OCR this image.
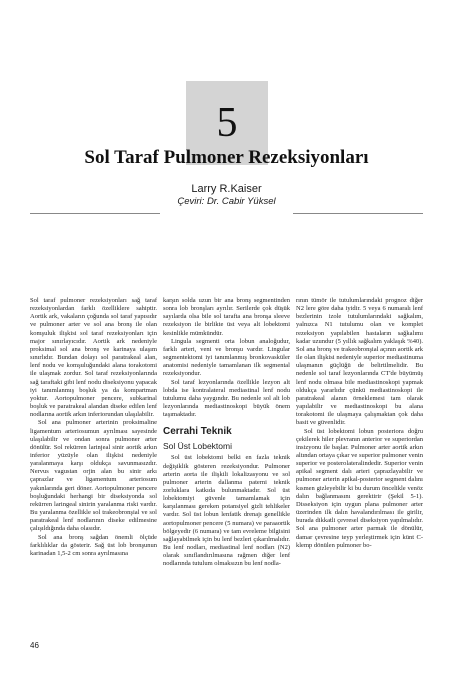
5
Sol Taraf Pulmoner Rezeksiyonları
Larry R.Kaiser
Çeviri: Dr. Cabir Yüksel

Sol taraf pulmoner rezeksiyonları sağ taraf rezeksiyonlardan farklı özelliklere sahiptir. Aortik ark, vakaların çoğunda sol taraf yapısıdır ve pulmoner arter ve sol ana bronş ile olan komşuluk ilişkisi sol taraf rezeksiyonları için major sınırlayıcıdır. Aortik ark nedeniyle proksimal sol ana bronş ve karinaya ulaşım sınırlıdır. Bundan dolayı sol paratrakeal alan, lenf nodu ve komşuluğundaki alana torakotomi ile ulaşmak zordur. Sol taraf rezeksiyonlarında sağ taraftaki gibi lenf nodu diseksiyonu yapacak iyi tanımlanmış boşluk ya da kompartman yoktur. Aortopulmoner pencere, subkarinal boşluk ve paratrakeal alandan diseke edilen lenf nodlarına aortik arkın inferiorundan ulaşılabilir.

Sol ana pulmoner arterinin proksimaline ligamentum arteriosumun ayrılması sayesinde ulaşılabilir ve ondan sonra pulmoner arter dönülür. Sol rekürren larinjeal sinir aortik arkın inferior yüzüyle olan ilişkisi nedeniyle yaralanmaya karşı oldukça savunmasızdır. Nervus vagustan orjin alan bu sinir arkı çaprazlar ve ligamentum arteriosum yakınlarında geri döner. Aortopulmoner pencere boşluğundaki herhangi bir diseksiyonda sol rekürren laringeal sinirin yaralanma riski vardır. Bu yaralanma özellikle sol trakeobronşial ve sol paratrakeal lenf nodlarının diseke edilmesine çalışıldığında daha olasıdır.

Sol ana bronş sağdan önemli ölçüde farklılıklar da gösterir. Sağ üst lob bronşunun karinadan 1,5-2 cm sonra ayrılmasına

karşın solda uzun bir ana bronş segmentinden sonra lob bronşları ayrılır. Serilerde çok düşük sayılarda olsa bile sol tarafta ana bronşa sleeve rezeksiyon ile birlikte üst veya alt lobektomi kesinlikle mümkündür.

Lingula segmenti orta lobun analoğudur, farklı arteri, veni ve bronşu vardır. Lingular segmentektomi iyi tanımlanmış bronkovasküler anatomisi nedeniyle tamamlanan ilk segmental rezeksiyondur.

Sol taraf lezyonlarında özellikle lezyon alt lobda ise kontralateral mediastinal lenf nodu tutulumu daha yaygındır. Bu nedenle sol alt lob lezyonlarında mediastinoskopi büyük önem taşımaktadır.

Cerrahi Teknik
Sol Üst Lobektomi

Sol üst lobektomi belki en fazla teknik değişiklik gösteren rezeksiyondur. Pulmoner arterin aorta ile ilişkili lokalizasyonu ve sol pulmoner arterin dallanma paterni teknik zorluklara katkıda bulunmaktadır. Sol üst lobektomiyi güvenle tamamlamak için karşılanması gereken potansiyel gizli tehlikeler vardır. Sol üst lobun lenfatik drenajı genellikle aortopulmoner pencere (5 numara) ve paraaortik bölgeyedir (6 numara) ve tam evreleme bilgisini sağlayabilmek için bu lenf bezleri çıkarılmalıdır. Bu lenf nodları, mediastinal lenf nodları (N2) olarak sınıflandırılmasına rağmen diğer lenf nodlarında tutulum olmaksızın bu lenf nodla-

rının tümör ile tutulumlarındaki prognoz diğer N2 lere göre daha iyidir. 5 veya 6 numaralı lenf bezlerinin izole tutulumlarındaki sağkalım, yalnızca N1 tutulumu olan ve komplet rezeksiyon yapılabilen hastaların sağkalımı kadar uzundur (5 yıllık sağkalım yaklaşık %40). Sol ana bronş ve trakeobronşial açının aortik ark ile olan ilişkisi nedeniyle superior mediastinuma ulaşmanın güçlüğü de belirtilmelidir. Bu nedenle sol taraf lezyonlarında CT'de büyümüş lenf nodu olmasa bile mediastinoskopi yapmak oldukça yararlıdır çünkü mediastinoskopi ile paratrakeal alanın örneklemesi tam olarak yapılabilir ve mediastinoskopi bu alana torakotomi ile ulaşmaya çalışmaktan çok daha basit ve güvenlidir.

Sol üst lobektomi lobun posteriora doğru çekilerek hiler plevranın anterior ve superiordan insizyonu ile başlar. Pulmoner arter aortik arkın altından ortaya çıkar ve superior pulmoner venin superior ve posterolateralindedir. Superior venin apikal segment dalı arteri çaprazlayabilir ve pulmoner arterin apikal-posterior segment dalını kısmen gizleyebilir ki bu durum öncelikle venöz dalın bağlanmasını gerektirir (Şekil 5-1). Disseksiyon için uygun plana pulmoner arter üzerinden ilk dalın havalandırılması ile girilir, burada dikkatli çevresel diseksiyon yapılmalıdır. Sol ana pulmoner arter parmak ile dönülür, damar çevresine teyp yerleştirmek için künt C-klemp dönülen pulmoner bo-

46
